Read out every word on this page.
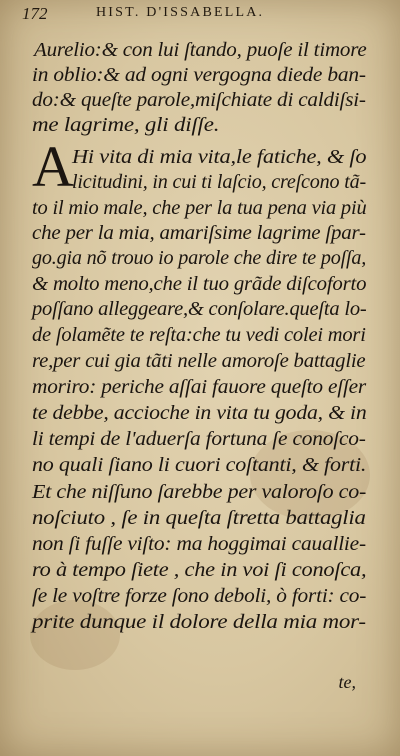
172	HIST. D'ISSABELLA.
Aurelio:& con lui ſtando, puoſe il timore
in oblio:& ad ogni vergogna diede ban-
do:& queſte parole,miſchiate di caldiſsi-
me lagrime, gli diſſe.
A
Hi vita di mia vita,le fatiche, & ſo
licitudini, in cui ti laſcio, creſcono tã-
to il mio male, che per la tua pena via più
che per la mia, amariſsime lagrime ſpar-
go.gia nõ trouo io parole che dire te poſſa,
& molto meno,che il tuo grãde diſcoforto
poſſano alleggeare,& conſolare.queſta lo-
de ſolamẽte te reſta:che tu vedi colei mori
re,per cui gia tãti nelle amoroſe battaglie
moriro: periche aſſai fauore queſto eſſer
te debbe, accioche in vita tu goda, & in
li tempi de l'aduerſa fortuna ſe conoſco-
no quali ſiano li cuori coſtanti, & forti.
Et che niſſuno ſarebbe per valoroſo co-
noſciuto , ſe in queſta ſtretta battaglia
non ſi fuſſe viſto: ma hoggimai cauallie-
ro à tempo ſiete , che in voi ſi conoſca,
ſe le voſtre forze ſono deboli, ò forti: co-
prite dunque il dolore della mia mor-
te,
